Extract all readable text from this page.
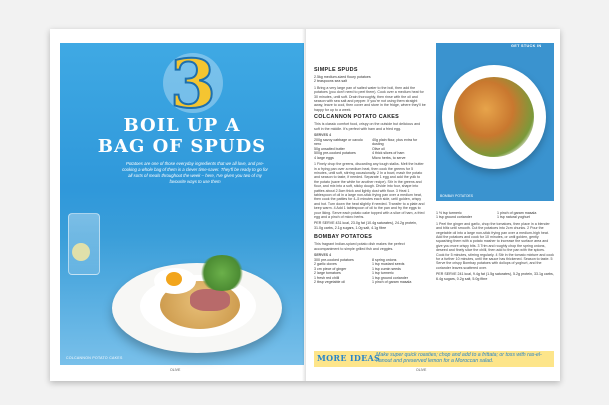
3
BOIL UP A
BAG OF SPUDS
Potatoes are one of those everyday ingredients that we all love, and pre-cooking a whole bag of them is a clever time-saver. They'll be ready to go for all sorts of meals throughout the week – here, I've given you two of my favourite ways to use them
COLCANNON POTATO CAKES
OLIVE
SIMPLE SPUDS
2.5kg medium-sized floury potatoes
2 teaspoons sea salt
1 Bring a very large pan of salted water to the boil, then add the potatoes (you don't need to peel them). Cook over a medium heat for 30 minutes, until soft. Drain thoroughly, then rinse with the oil and season with sea salt and pepper. If you're not using them straight away, leave to cool, then cover and store in the fridge, where they'll be happy for up to a week.
COLCANNON POTATO CAKES
This is classic comfort food, crispy on the outside but delicious and soft in the middle. It's perfect with ham and a fried egg.
SERVES 4
200g savoy cabbage or cavolo nero
50g unsalted butter
500g pre-cooked potatoes
4 large eggs
40g plain flour, plus extra for dusting
Olive oil
4 thick slices of ham
Micro herbs, to serve
1 Finely chop the greens, discarding any tough stalks. Melt the butter in a frying pan over a medium heat, then cook the greens for 5 minutes, until soft, stirring occasionally. 2 In a bowl, mash the potato and season to taste, if needed. Separate 1 egg and add the yolk to the potato (save the white for another recipe). Stir in the greens and flour, and mix into a soft, sticky dough. Divide into four, shape into patties about 2.5cm thick and lightly dust with flour. 3 Heat 1 tablespoon of oil in a large non-stick frying pan over a medium heat, then cook the patties for 4–5 minutes each side, until golden, crispy and hot. Turn down the heat slightly if needed. Transfer to a plate and keep warm. 4 Add 1 tablespoon of oil to the pan and fry the eggs to your liking. Serve each potato cake topped with a slice of ham, a fried egg and a pinch of micro herbs.
PER SERVE 431 kcal, 23.0g fat (10.4g saturates), 24.2g protein, 31.0g carbs, 2.1g sugars, 1.0g salt, 4.1g fibre
BOMBAY POTATOES
This fragrant Indian-spiced potato dish makes the perfect accompaniment to simple grilled fish and veggies.
SERVES 4
300 pre-cooked potatoes
2 garlic cloves
3 cm piece of ginger
2 large tomatoes
1 fresh red chilli
2 tbsp vegetable oil
8 spring onions
1 tsp mustard seeds
1 tsp cumin seeds
1 tsp turmeric
1 tsp ground coriander
1 pinch of garam masala
GET STUCK IN
BOMBAY POTATOES
1 ½ tsp turmeric
1 tsp ground coriander
1 pinch of garam masala
1 tsp natural yoghurt
1 Peel the ginger and garlic, chop the tomatoes, then place in a blender and blitz until smooth. Cut the potatoes into 2cm chunks. 2 Pour the vegetable oil into a large non-stick frying pan over a medium-high heat. Add the potatoes and cook for 10 minutes, or until golden, gently squashing them with a potato masher to increase the surface area and give you more crispy bits. 3 Trim and roughly chop the spring onions, deseed and finely slice the chilli, then add to the pan with the spices. Cook for 5 minutes, stirring regularly. 4 Stir in the tomato mixture and cook for a further 10 minutes, until the sauce has thickened. Season to taste. 5 Serve the crispy Bombay potatoes with dollops of yoghurt, and the coriander leaves scattered over.
PER SERVE 241 kcal, 9.4g fat (1.5g saturates), 5.2g protein, 33.1g carbs, 6.4g sugars, 0.2g salt, 5.0g fibre
MORE IDEAS
Make super quick roasties; chop and add to a frittata; or toss with ras-el-hanout and preserved lemon for a Moroccan salad.
OLIVE
